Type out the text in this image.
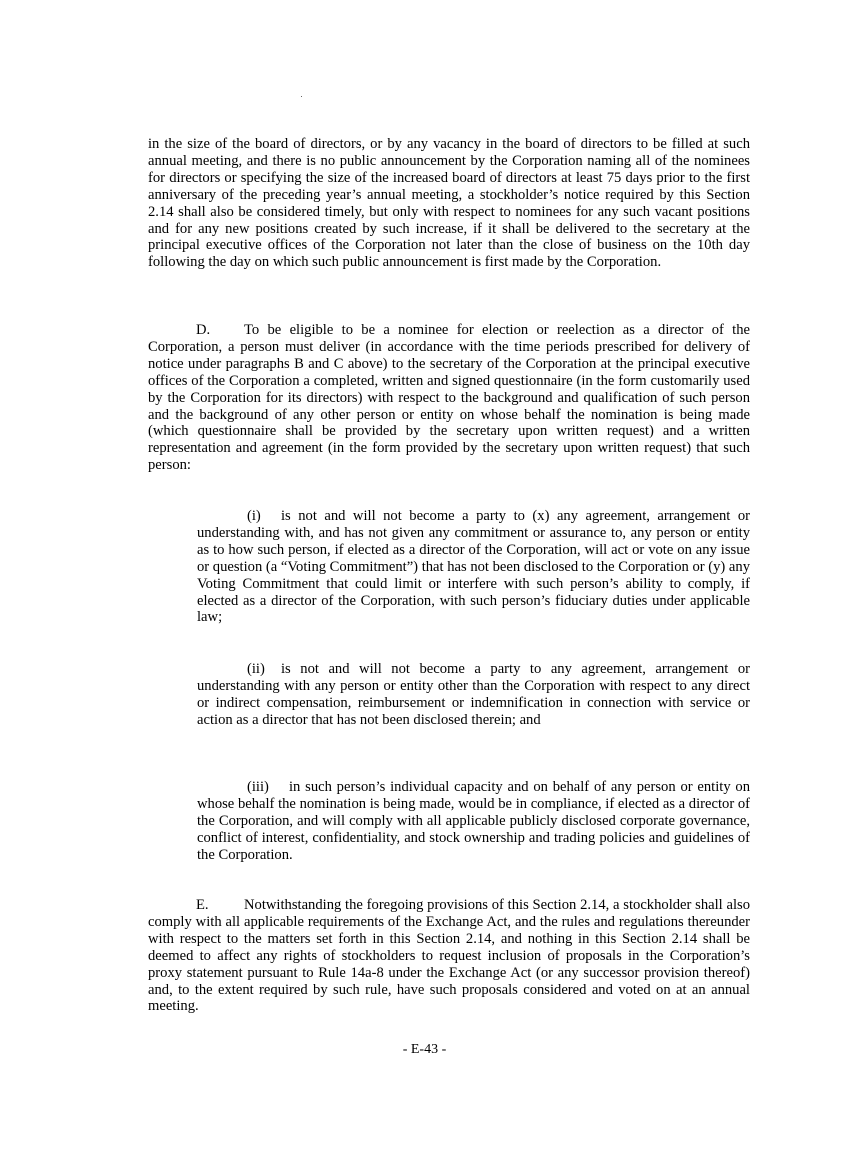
in the size of the board of directors, or by any vacancy in the board of directors to be filled at such annual meeting, and there is no public announcement by the Corporation naming all of the nominees for directors or specifying the size of the increased board of directors at least 75 days prior to the first anniversary of the preceding year’s annual meeting, a stockholder’s notice required by this Section 2.14 shall also be considered timely, but only with respect to nominees for any such vacant positions and for any new positions created by such increase, if it shall be delivered to the secretary at the principal executive offices of the Corporation not later than the close of business on the 10th day following the day on which such public announcement is first made by the Corporation.

D. To be eligible to be a nominee for election or reelection as a director of the Corporation, a person must deliver (in accordance with the time periods prescribed for delivery of notice under paragraphs B and C above) to the secretary of the Corporation at the principal executive offices of the Corporation a completed, written and signed questionnaire (in the form customarily used by the Corporation for its directors) with respect to the background and qualification of such person and the background of any other person or entity on whose behalf the nomination is being made (which questionnaire shall be provided by the secretary upon written request) and a written representation and agreement (in the form provided by the secretary upon written request) that such person:

(i) is not and will not become a party to (x) any agreement, arrangement or understanding with, and has not given any commitment or assurance to, any person or entity as to how such person, if elected as a director of the Corporation, will act or vote on any issue or question (a “Voting Commitment”) that has not been disclosed to the Corporation or (y) any Voting Commitment that could limit or interfere with such person’s ability to comply, if elected as a director of the Corporation, with such person’s fiduciary duties under applicable law;

(ii) is not and will not become a party to any agreement, arrangement or understanding with any person or entity other than the Corporation with respect to any direct or indirect compensation, reimbursement or indemnification in connection with service or action as a director that has not been disclosed therein; and

(iii) in such person’s individual capacity and on behalf of any person or entity on whose behalf the nomination is being made, would be in compliance, if elected as a director of the Corporation, and will comply with all applicable publicly disclosed corporate governance, conflict of interest, confidentiality, and stock ownership and trading policies and guidelines of the Corporation.

E. Notwithstanding the foregoing provisions of this Section 2.14, a stockholder shall also comply with all applicable requirements of the Exchange Act, and the rules and regulations thereunder with respect to the matters set forth in this Section 2.14, and nothing in this Section 2.14 shall be deemed to affect any rights of stockholders to request inclusion of proposals in the Corporation’s proxy statement pursuant to Rule 14a-8 under the Exchange Act (or any successor provision thereof) and, to the extent required by such rule, have such proposals considered and voted on at an annual meeting.

- E-43 -
